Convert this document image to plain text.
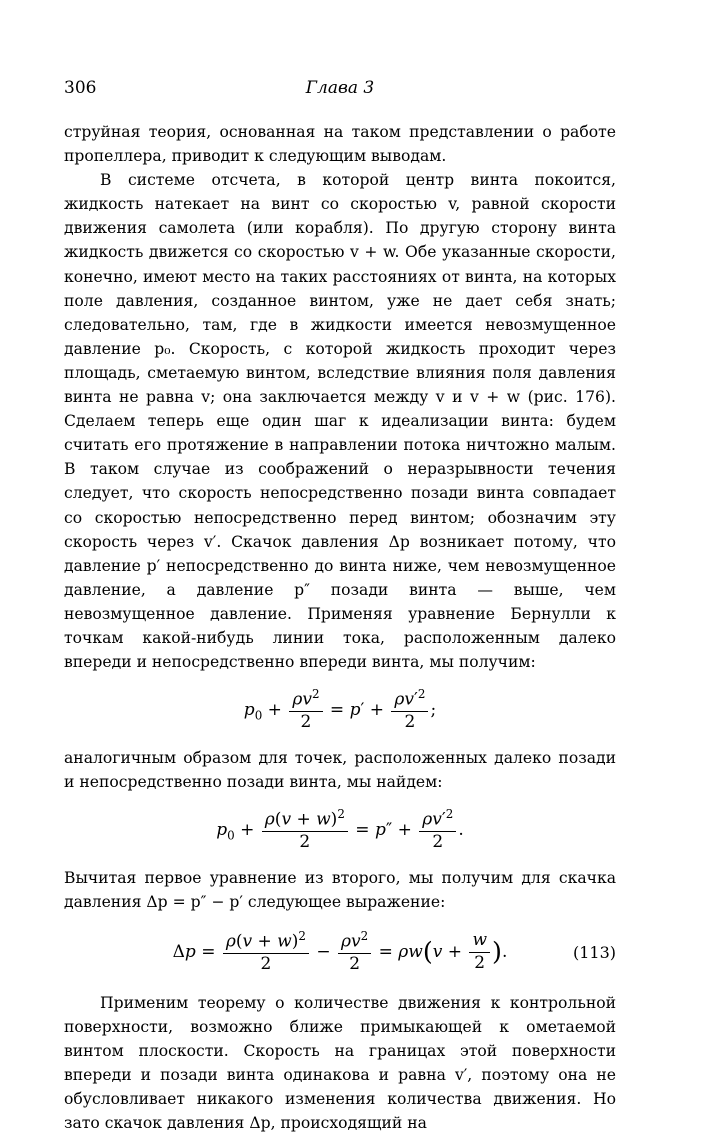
306	Глава 3

струйная теория, основанная на таком представлении о работе пропеллера, приводит к следующим выводам.

В системе отсчета, в которой центр винта покоится, жидкость натекает на винт со скоростью v, равной скорости движения самолета (или корабля). По другую сторону винта жидкость движется со скоростью v + w. Обе указанные скорости, конечно, имеют место на таких расстояниях от винта, на которых поле давления, созданное винтом, уже не дает себя знать; следовательно, там, где в жидкости имеется невозмущенное давление p₀. Скорость, с которой жидкость проходит через площадь, сметаемую винтом, вследствие влияния поля давления винта не равна v; она заключается между v и v + w (рис. 176). Сделаем теперь еще один шаг к идеализации винта: будем считать его протяжение в направлении потока ничтожно малым. В таком случае из соображений о неразрывности течения следует, что скорость непосредственно позади винта совпадает со скоростью непосредственно перед винтом; обозначим эту скорость через v′. Скачок давления Δp возникает потому, что давление p′ непосредственно до винта ниже, чем невозмущенное давление, а давление p″ позади винта — выше, чем невозмущенное давление. Применяя уравнение Бернулли к точкам какой-нибудь линии тока, расположенным далеко впереди и непосредственно впереди винта, мы получим:

$p_0 + \frac{\rho v^2}{2} = p' + \frac{\rho v'^2}{2}$ ;

аналогичным образом для точек, расположенных далеко позади и непосредственно позади винта, мы найдем:

$p_0 + \frac{\rho(v + w)^2}{2} = p'' + \frac{\rho v'^2}{2}$ .

Вычитая первое уравнение из второго, мы получим для скачка давления Δp = p″ − p′ следующее выражение:

$\Delta p = \frac{\rho(v + w)^2}{2} - \frac{\rho v^2}{2} = \rho w(v + \frac{w}{2}$ ).	(113)

Применим теорему о количестве движения к контрольной поверхности, возможно ближе примыкающей к ометаемой винтом плоскости. Скорость на границах этой поверхности впереди и позади винта одинакова и равна v′, поэтому она не обусловливает никакого изменения количества движения. Но зато скачок давления Δp, происходящий на
